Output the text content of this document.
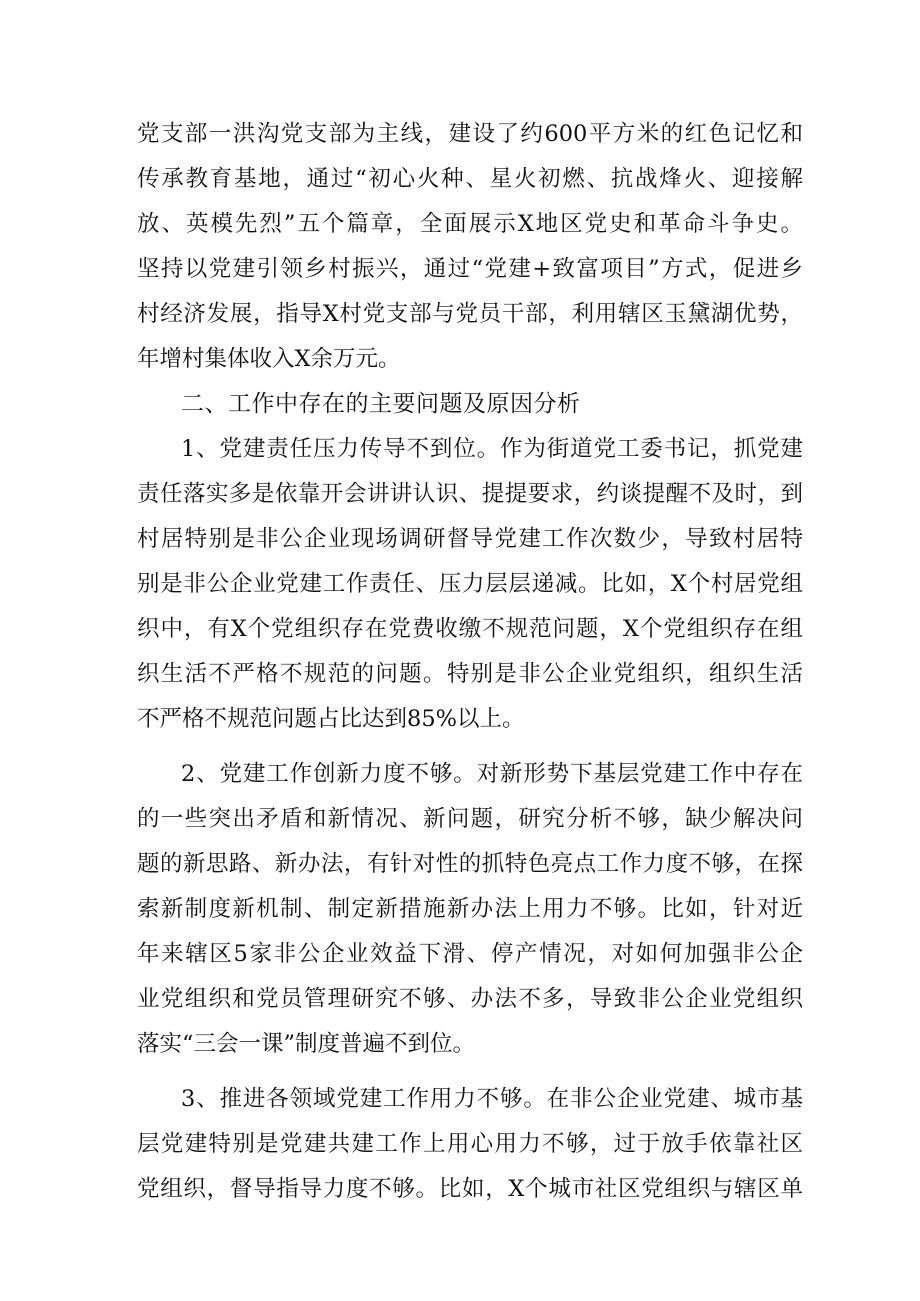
党支部一洪沟党支部为主线，建设了约600平方米的红色记忆和
传承教育基地，通过“初心火种、星火初燃、抗战烽火、迎接解
放、英模先烈”五个篇章，全面展示X地区党史和革命斗争史。
坚持以党建引领乡村振兴，通过“党建+致富项目”方式，促进乡
村经济发展，指导X村党支部与党员干部，利用辖区玉黛湖优势，
年增村集体收入X余万元。
二、工作中存在的主要问题及原因分析
1、党建责任压力传导不到位。作为街道党工委书记，抓党建
责任落实多是依靠开会讲讲认识、提提要求，约谈提醒不及时，到
村居特别是非公企业现场调研督导党建工作次数少，导致村居特
别是非公企业党建工作责任、压力层层递减。比如，X个村居党组
织中，有X个党组织存在党费收缴不规范问题，X个党组织存在组
织生活不严格不规范的问题。特别是非公企业党组织，组织生活
不严格不规范问题占比达到85%以上。
2、党建工作创新力度不够。对新形势下基层党建工作中存在
的一些突出矛盾和新情况、新问题，研究分析不够，缺少解决问
题的新思路、新办法，有针对性的抓特色亮点工作力度不够，在探
索新制度新机制、制定新措施新办法上用力不够。比如，针对近
年来辖区5家非公企业效益下滑、停产情况，对如何加强非公企
业党组织和党员管理研究不够、办法不多，导致非公企业党组织
落实“三会一课”制度普遍不到位。
3、推进各领域党建工作用力不够。在非公企业党建、城市基
层党建特别是党建共建工作上用心用力不够，过于放手依靠社区
党组织，督导指导力度不够。比如，X个城市社区党组织与辖区单
